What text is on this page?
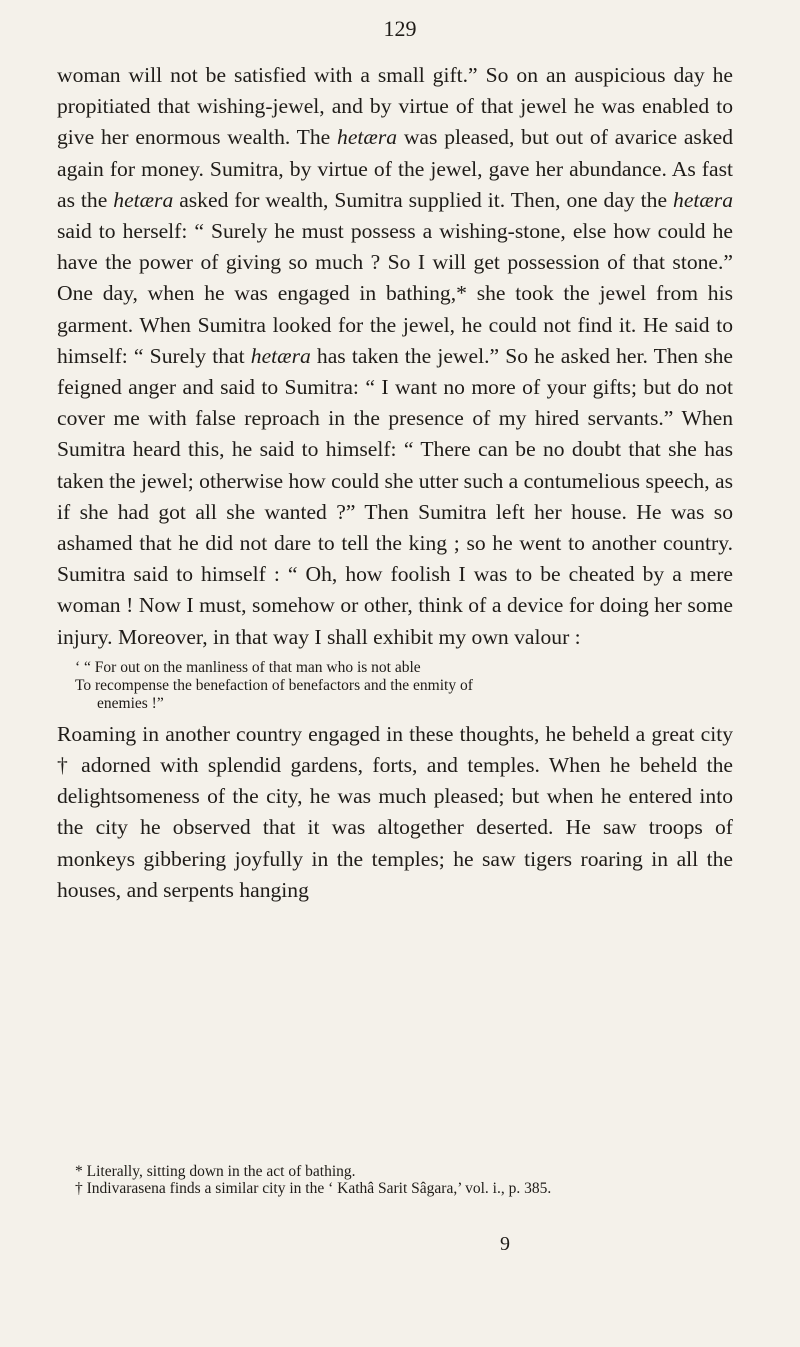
129

woman will not be satisfied with a small gift.” So on an auspicious day he propitiated that wishing-jewel, and by virtue of that jewel he was enabled to give her enormous wealth. The hetæra was pleased, but out of avarice asked again for money. Sumitra, by virtue of the jewel, gave her abundance. As fast as the hetæra asked for wealth, Sumitra supplied it. Then, one day the hetæra said to herself: “ Surely he must possess a wishing-stone, else how could he have the power of giving so much ? So I will get possession of that stone.” One day, when he was engaged in bathing,* she took the jewel from his garment. When Sumitra looked for the jewel, he could not find it. He said to himself: “ Surely that hetæra has taken the jewel.” So he asked her. Then she feigned anger and said to Sumitra: “ I want no more of your gifts; but do not cover me with false reproach in the presence of my hired servants.” When Sumitra heard this, he said to himself: “ There can be no doubt that she has taken the jewel; otherwise how could she utter such a contumelious speech, as if she had got all she wanted ?” Then Sumitra left her house. He was so ashamed that he did not dare to tell the king ; so he went to another country. Sumitra said to himself : “ Oh, how foolish I was to be cheated by a mere woman ! Now I must, somehow or other, think of a device for doing her some injury. Moreover, in that way I shall exhibit my own valour :

‘ “ For out on the manliness of that man who is not able
To recompense the benefaction of benefactors and the enmity of
enemies !”

Roaming in another country engaged in these thoughts, he beheld a great city † adorned with splendid gardens, forts, and temples. When he beheld the delightsomeness of the city, he was much pleased; but when he entered into the city he observed that it was altogether deserted. He saw troops of monkeys gibbering joyfully in the temples; he saw tigers roaring in all the houses, and serpents hanging

* Literally, sitting down in the act of bathing.

† Indivarasena finds a similar city in the ‘ Kathâ Sarit Sâgara,’ vol. i., p. 385.

9
